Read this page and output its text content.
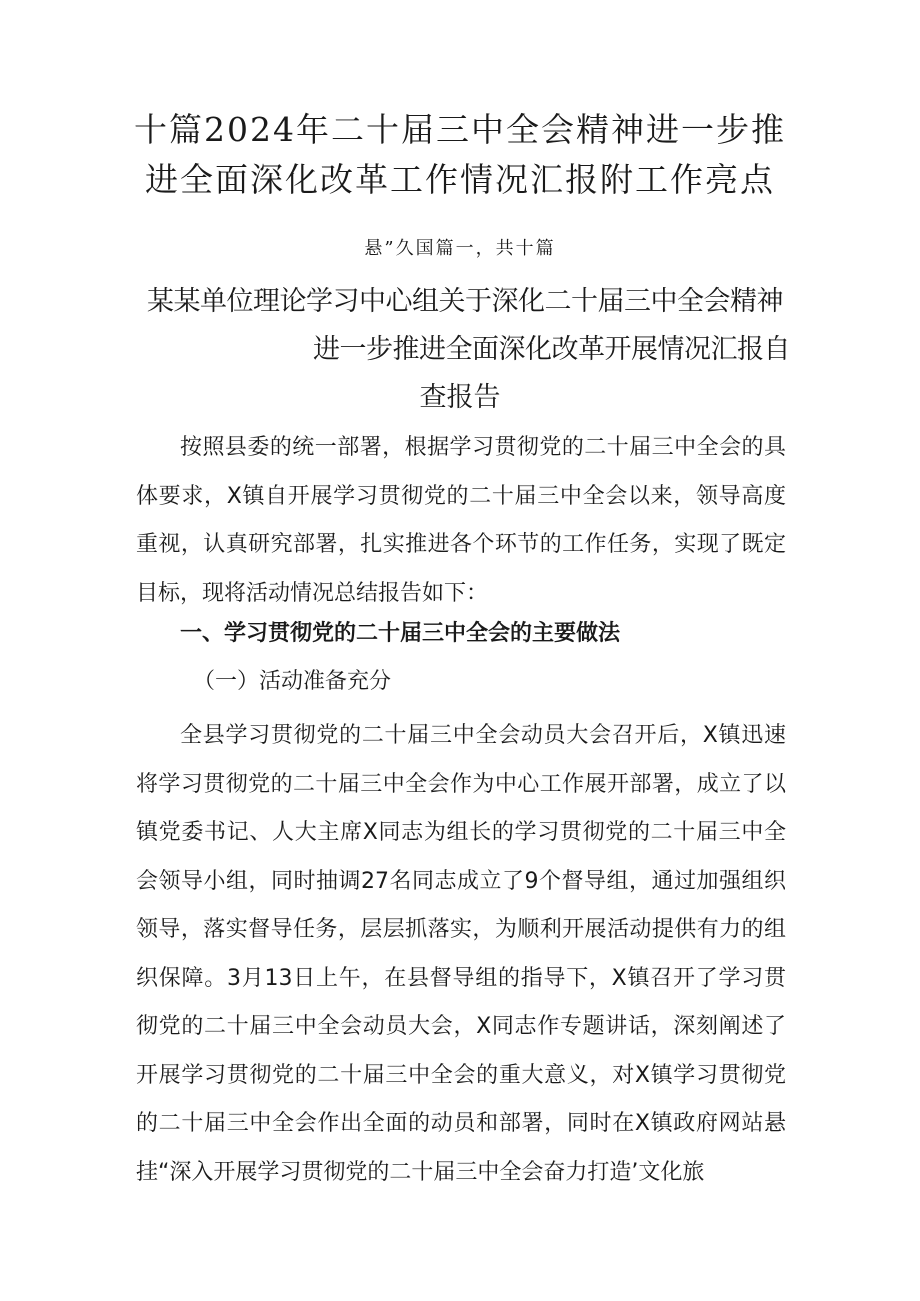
十篇2024年二十届三中全会精神进一步推
进全面深化改革工作情况汇报附工作亮点
悬”久国篇一，共十篇
某某单位理论学习中心组关于深化二十届三中全会精神
进一步推进全面深化改革开展情况汇报自
查报告
按照县委的统一部署，根据学习贯彻党的二十届三中全会的具体要求，X镇自开展学习贯彻党的二十届三中全会以来，领导高度重视，认真研究部署，扎实推进各个环节的工作任务，实现了既定目标，现将活动情况总结报告如下：
一、学习贯彻党的二十届三中全会的主要做法
（一）活动准备充分
全县学习贯彻党的二十届三中全会动员大会召开后，X镇迅速将学习贯彻党的二十届三中全会作为中心工作展开部署，成立了以镇党委书记、人大主席X同志为组长的学习贯彻党的二十届三中全会领导小组，同时抽调27名同志成立了9个督导组，通过加强组织领导，落实督导任务，层层抓落实，为顺利开展活动提供有力的组织保障。3月13日上午，在县督导组的指导下，X镇召开了学习贯彻党的二十届三中全会动员大会，X同志作专题讲话，深刻阐述了开展学习贯彻党的二十届三中全会的重大意义，对X镇学习贯彻党的二十届三中全会作出全面的动员和部署，同时在X镇政府网站悬挂“深入开展学习贯彻党的二十届三中全会奋力打造’文化旅
